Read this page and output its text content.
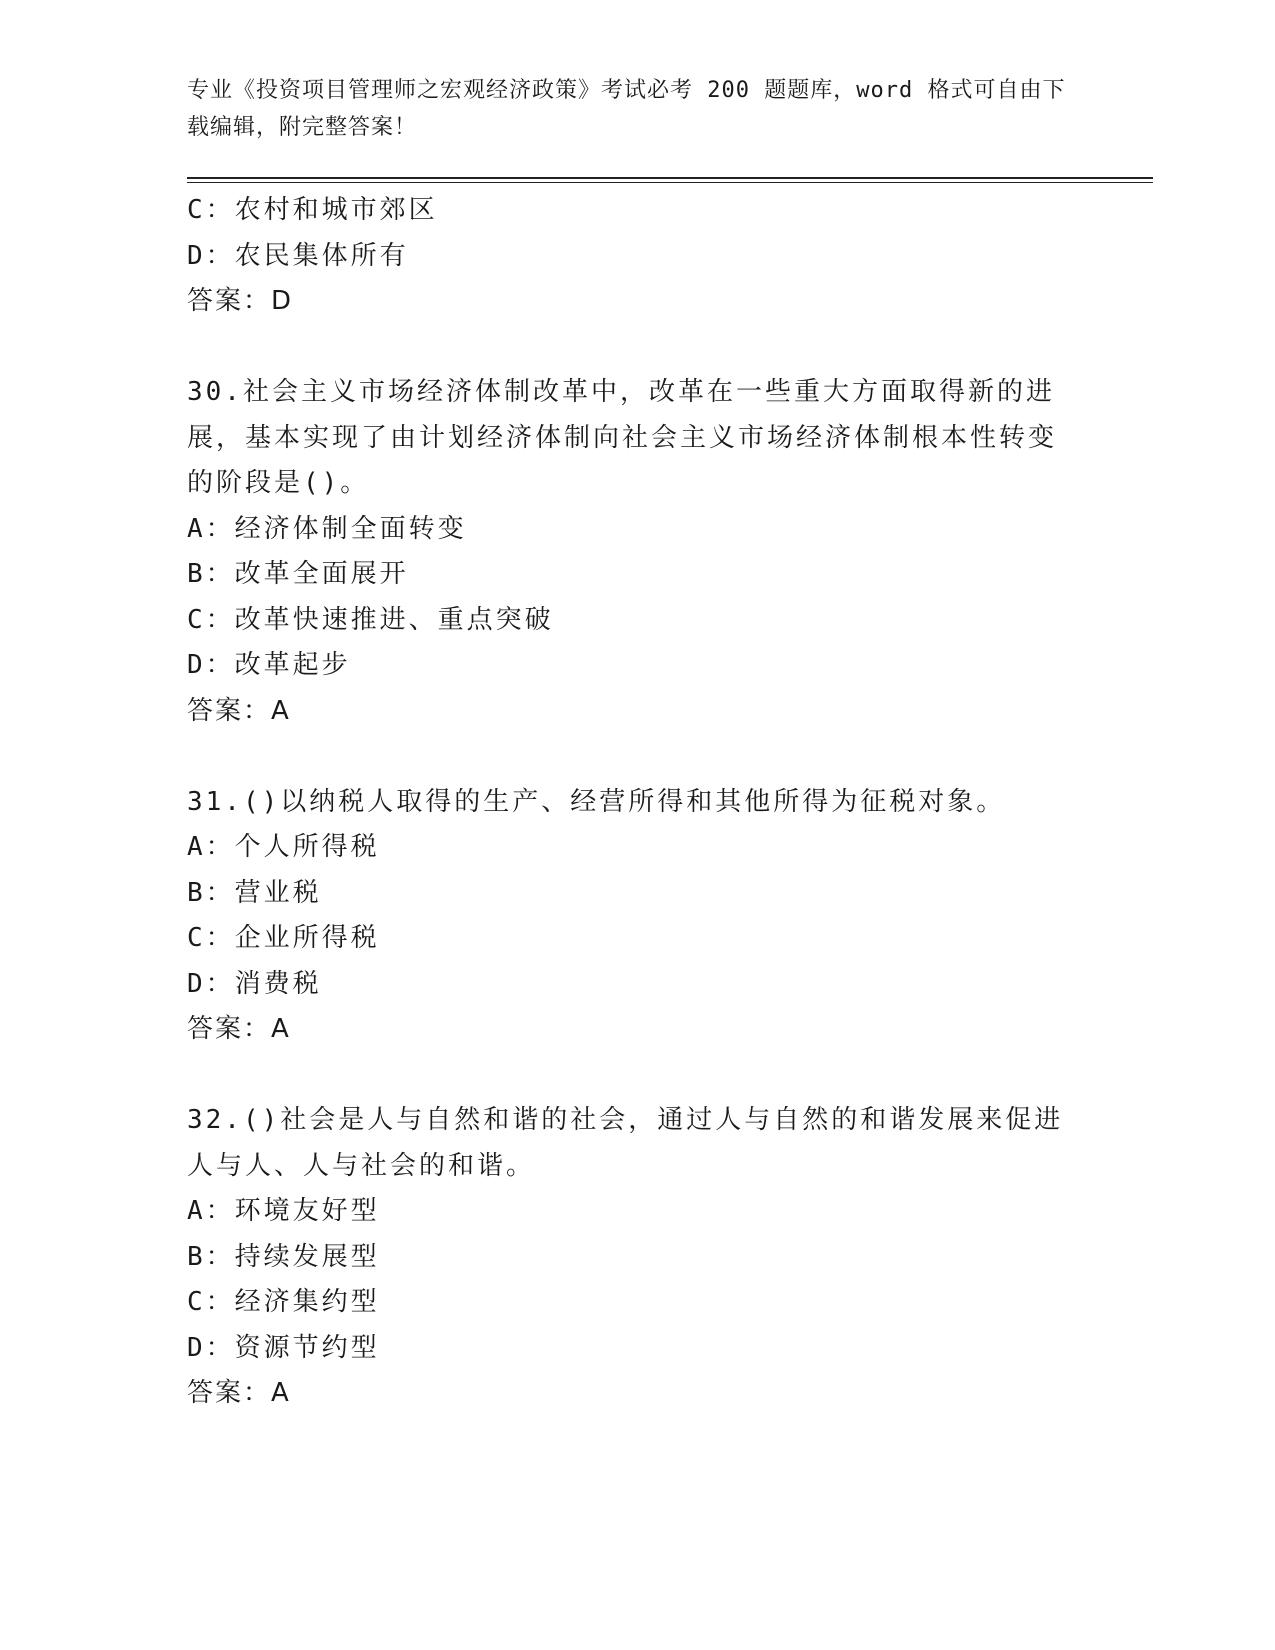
专业《投资项目管理师之宏观经济政策》考试必考 200 题题库，word 格式可自由下载编辑，附完整答案！
C：农村和城市郊区
D：农民集体所有
答案：D
30.社会主义市场经济体制改革中，改革在一些重大方面取得新的进展，基本实现了由计划经济体制向社会主义市场经济体制根本性转变的阶段是()。
A：经济体制全面转变
B：改革全面展开
C：改革快速推进、重点突破
D：改革起步
答案：A
31.()以纳税人取得的生产、经营所得和其他所得为征税对象。
A：个人所得税
B：营业税
C：企业所得税
D：消费税
答案：A
32.()社会是人与自然和谐的社会，通过人与自然的和谐发展来促进人与人、人与社会的和谐。
A：环境友好型
B：持续发展型
C：经济集约型
D：资源节约型
答案：A
